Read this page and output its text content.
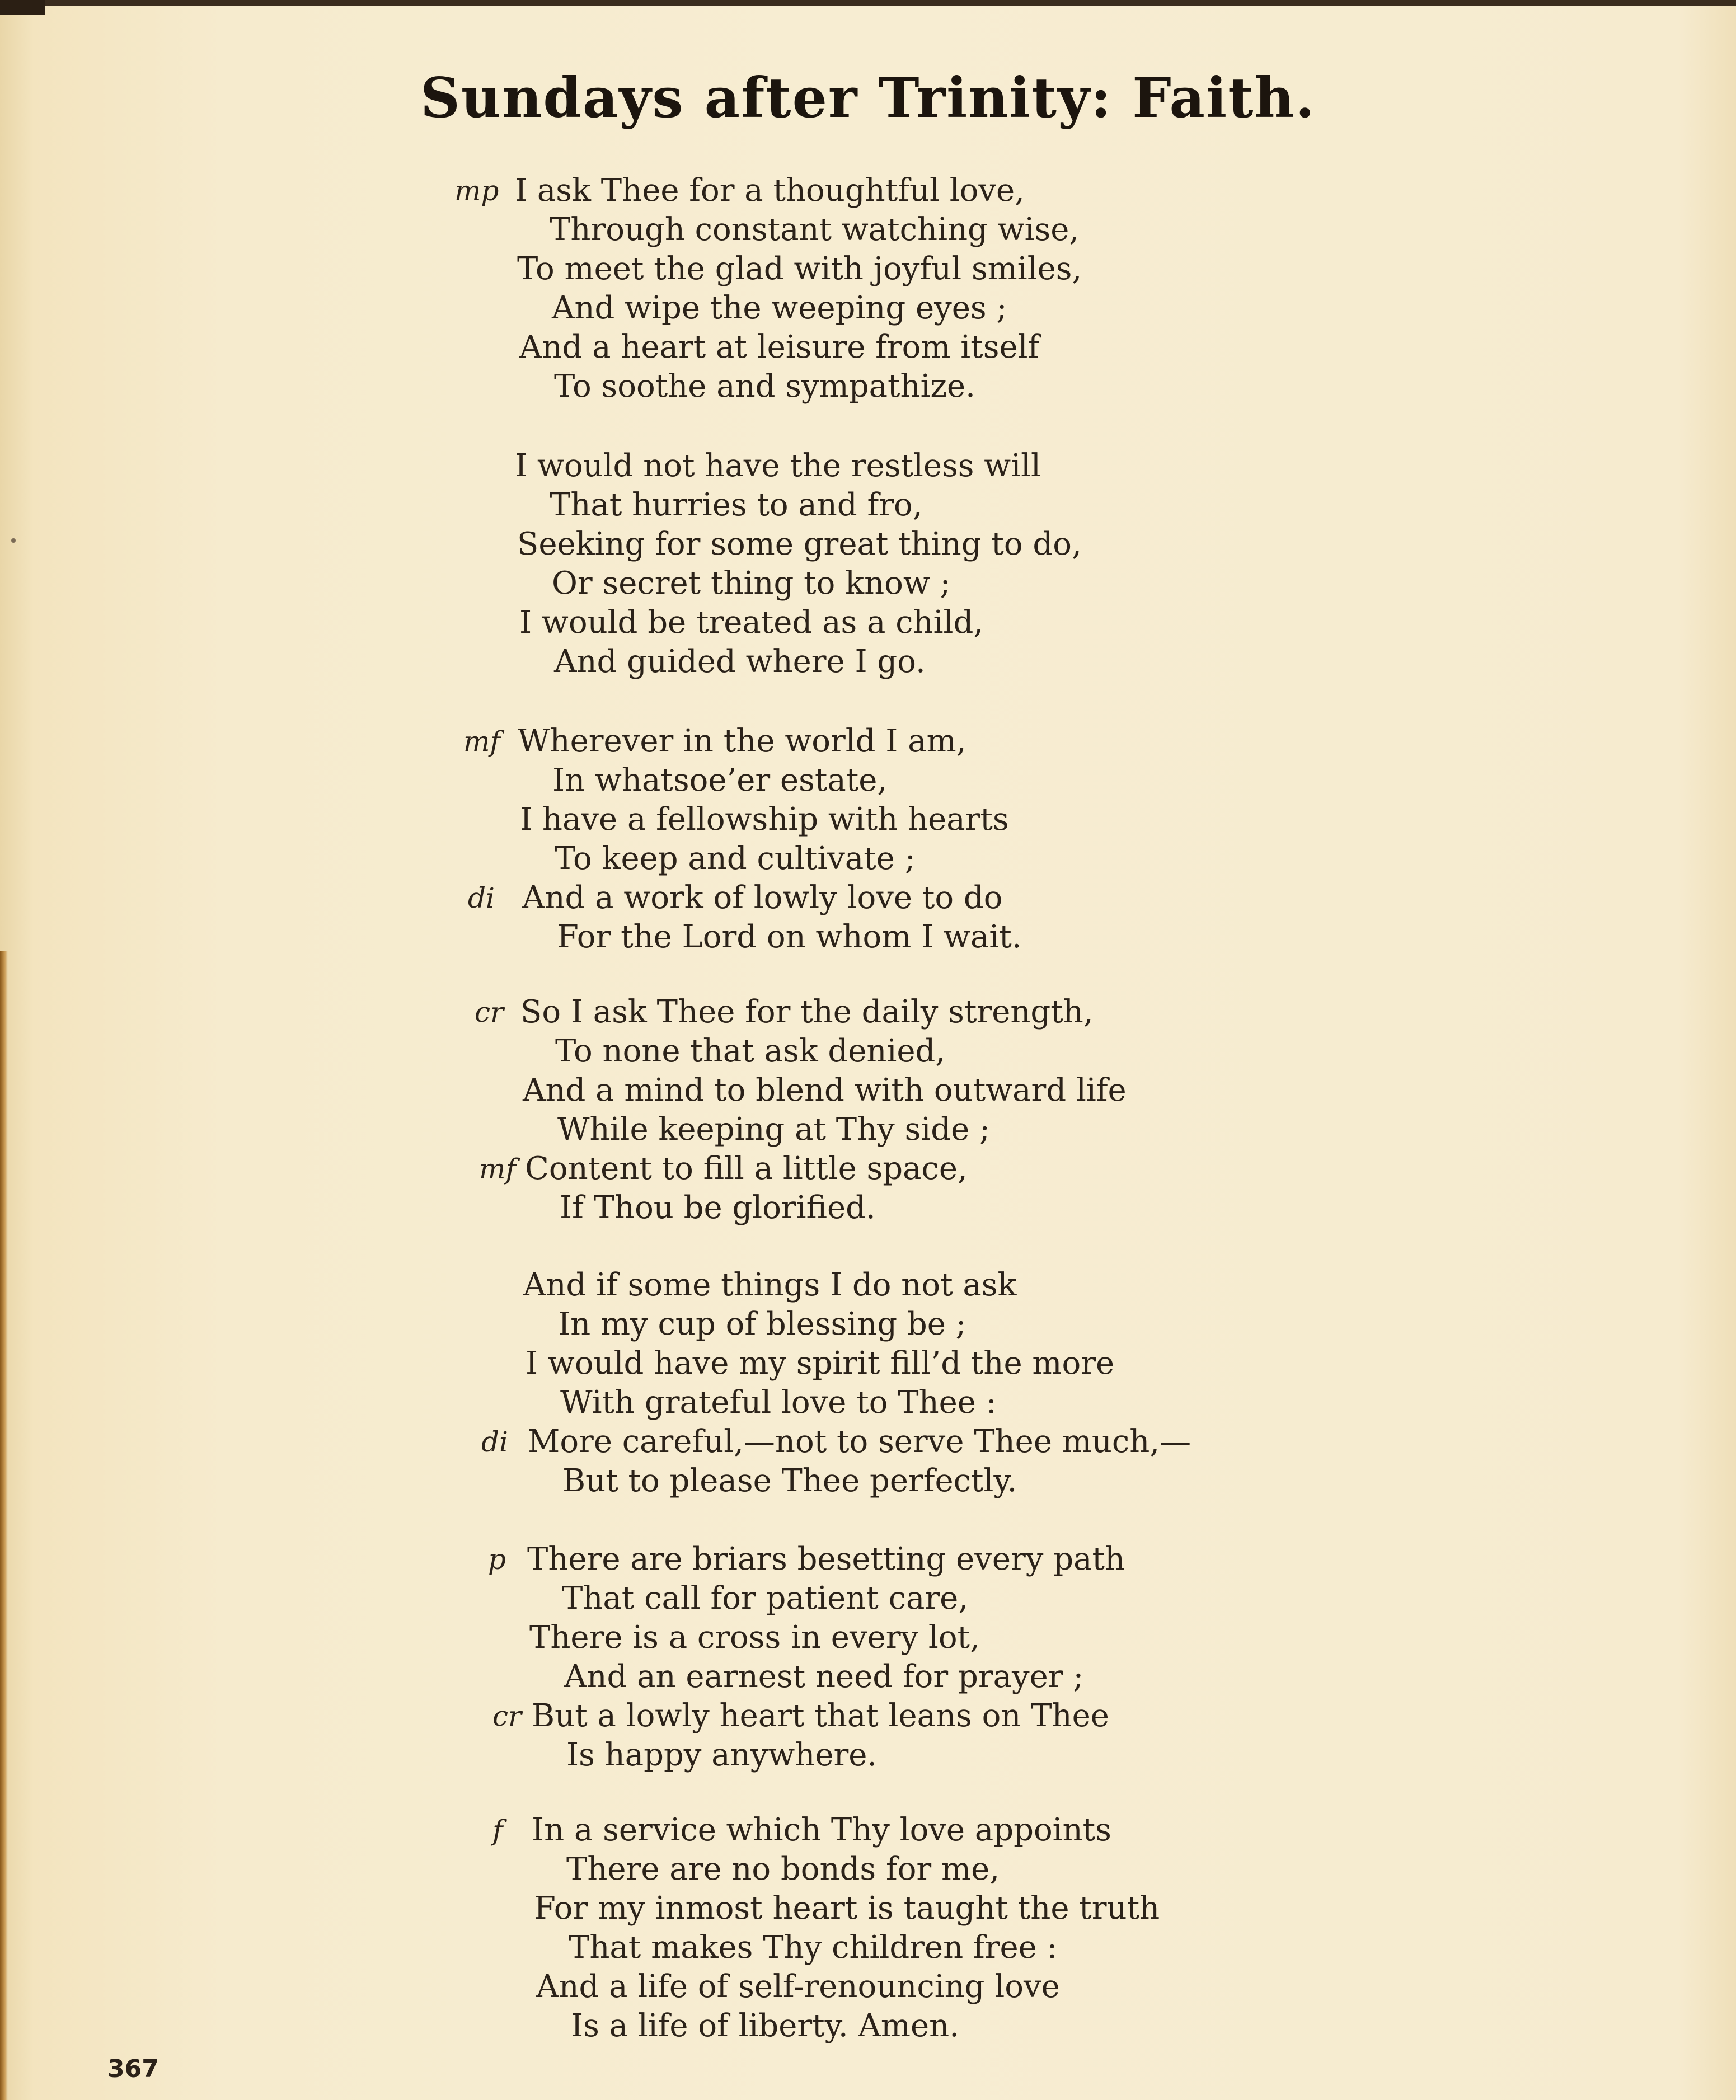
Sundays after Trinity: Faith.
mp I ask Thee for a thoughtful love,
Through constant watching wise,
To meet the glad with joyful smiles,
And wipe the weeping eyes ;
And a heart at leisure from itself
To soothe and sympathize.
I would not have the restless will
That hurries to and fro,
Seeking for some great thing to do,
Or secret thing to know ;
I would be treated as a child,
And guided where I go.
mf Wherever in the world I am,
In whatsoe’er estate,
I have a fellowship with hearts
To keep and cultivate ;
di And a work of lowly love to do
For the Lord on whom I wait.
cr So I ask Thee for the daily strength,
To none that ask denied,
And a mind to blend with outward life
While keeping at Thy side ;
mf Content to fill a little space,
If Thou be glorified.
And if some things I do not ask
In my cup of blessing be ;
I would have my spirit fill’d the more
With grateful love to Thee :
di More careful,—not to serve Thee much,—
But to please Thee perfectly.
p There are briars besetting every path
That call for patient care,
There is a cross in every lot,
And an earnest need for prayer ;
cr But a lowly heart that leans on Thee
Is happy anywhere.
f In a service which Thy love appoints
There are no bonds for me,
For my inmost heart is taught the truth
That makes Thy children free :
And a life of self-renouncing love
Is a life of liberty. Amen.
367
